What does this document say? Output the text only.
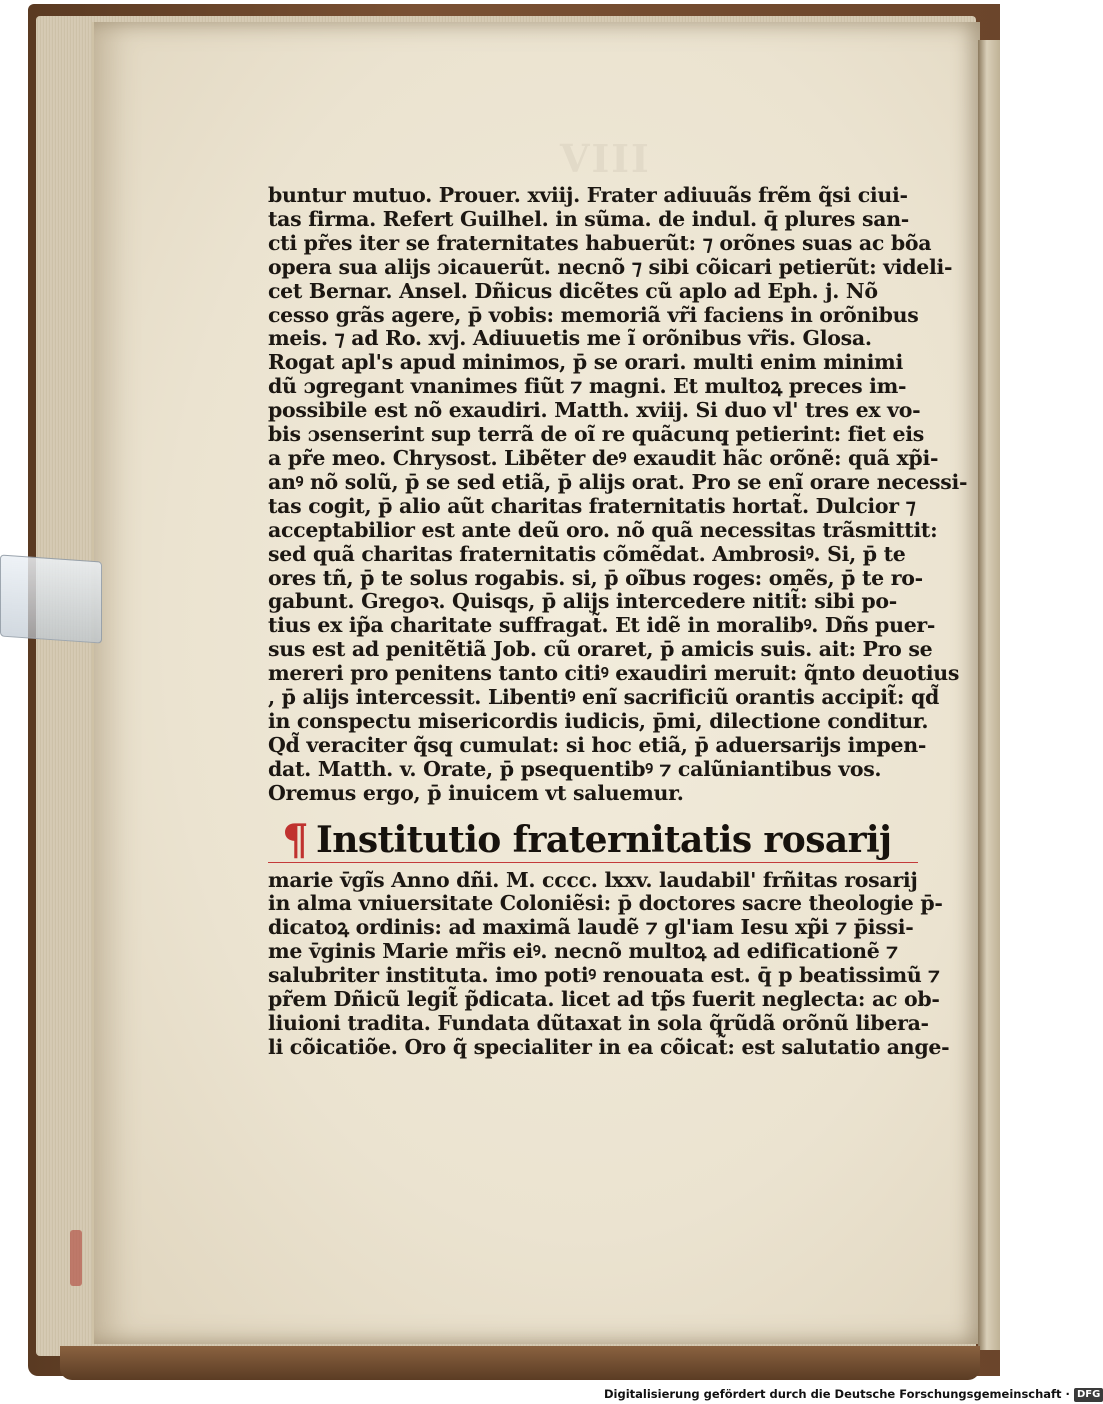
VIII
buntur mutuo. Prouer. xviij. Frater adiuuãs frẽm q̃si ciui-
tas firma. Refert Guilhel. in sũma. de indul. q̄ plures san-
cti pr̃es iter se fraternitates habuerũt: ⁊ orõnes suas ac bõa
opera sua alijs ɔicauerũt. necnõ ⁊ sibi cõicari petierũt: videli-
cet Bernar. Ansel. Dñicus dicẽtes cũ aplo ad Eph. j. Nõ
cesso grãs agere, p̄ vobis: memoriã vr̃i faciens in orõnibus
meis. ⁊ ad Ro. xvj. Adiuuetis me ĩ orõnibus vr̃is. Glosa.
Rogat apl's apud minimos, p̄ se orari. multi enim minimi
dũ ɔgregant vnanimes fiũt ⁊ magni. Et multoꝝ preces im-
possibile est nõ exaudiri. Matth. xviij. Si duo vl' tres ex vo-
bis ɔsenserint sup terrã de oĩ re quãcunq̧ petierint: fiet eis
a pr̃e meo. Chrysost. Libẽter deꝰ exaudit hãc orõnẽ: quã xp̃i-
anꝰ nõ solũ, p̄ se sed etiã, p̄ alijs orat. Pro se enĩ orare necessi-
tas cogit, p̄ alio aũt charitas fraternitatis hortat̃. Dulcior ⁊
acceptabilior est ante deũ oro. nõ quã necessitas trãsmittit:
sed quã charitas fraternitatis cõmẽdat. Ambrosiꝰ. Si, p̄ te
ores tñ, p̄ te solus rogabis. si, p̄ oĩbus roges: omẽs, p̄ te ro-
gabunt. Gregoꝛ. Quisq̧s, p̄ alijs intercedere nitit̃: sibi po-
tius ex ip̃a charitate suffragat̃. Et idẽ in moralibꝰ. Dñs puer-
sus est ad penitẽtiã Job. cũ oraret, p̄ amicis suis. ait: Pro se
mereri pro penitens tanto citiꝰ exaudiri meruit: q̃nto deuotius
, p̄ alijs intercessit. Libentiꝰ enĩ sacrificiũ orantis accipit̃: qd̃
in conspectu misericordis iudicis, p̄mi, dilectione conditur.
Qd̃ veraciter q̃sq̧ cumulat: si hoc etiã, p̄ aduersarijs impen-
dat. Matth. v. Orate, p̄ psequentibꝰ ⁊ calũniantibus vos.
Oremus ergo, p̄ inuicem vt saluemur.
¶ Institutio fraternitatis rosarij
marie v̄gĩs Anno dñi. M. cccc. lxxv. laudabil' frñitas rosarij
in alma vniuersitate Coloniẽsi: p̄ doctores sacre theologie p̄-
dicatoꝝ ordinis: ad maximã laudẽ ⁊ gl'iam Iesu xp̃i ⁊ p̄issi-
me v̄ginis Marie mr̃is eiꝰ. necnõ multoꝝ ad edificationẽ ⁊
salubriter instituta. imo potiꝰ renouata est. q̄ p beatissimũ ⁊
pr̃em Dñicũ legit̃ p̃dicata. licet ad tp̃s fuerit neglecta: ac ob-
liuioni tradita. Fundata dũtaxat in sola q̃rũdã orõnũ libera-
li cõicatiõe. Oro q̃ specialiter in ea cõicat̃: est salutatio ange-
Digitalisierung gefördert durch die Deutsche Forschungsgemeinschaft · DFG
